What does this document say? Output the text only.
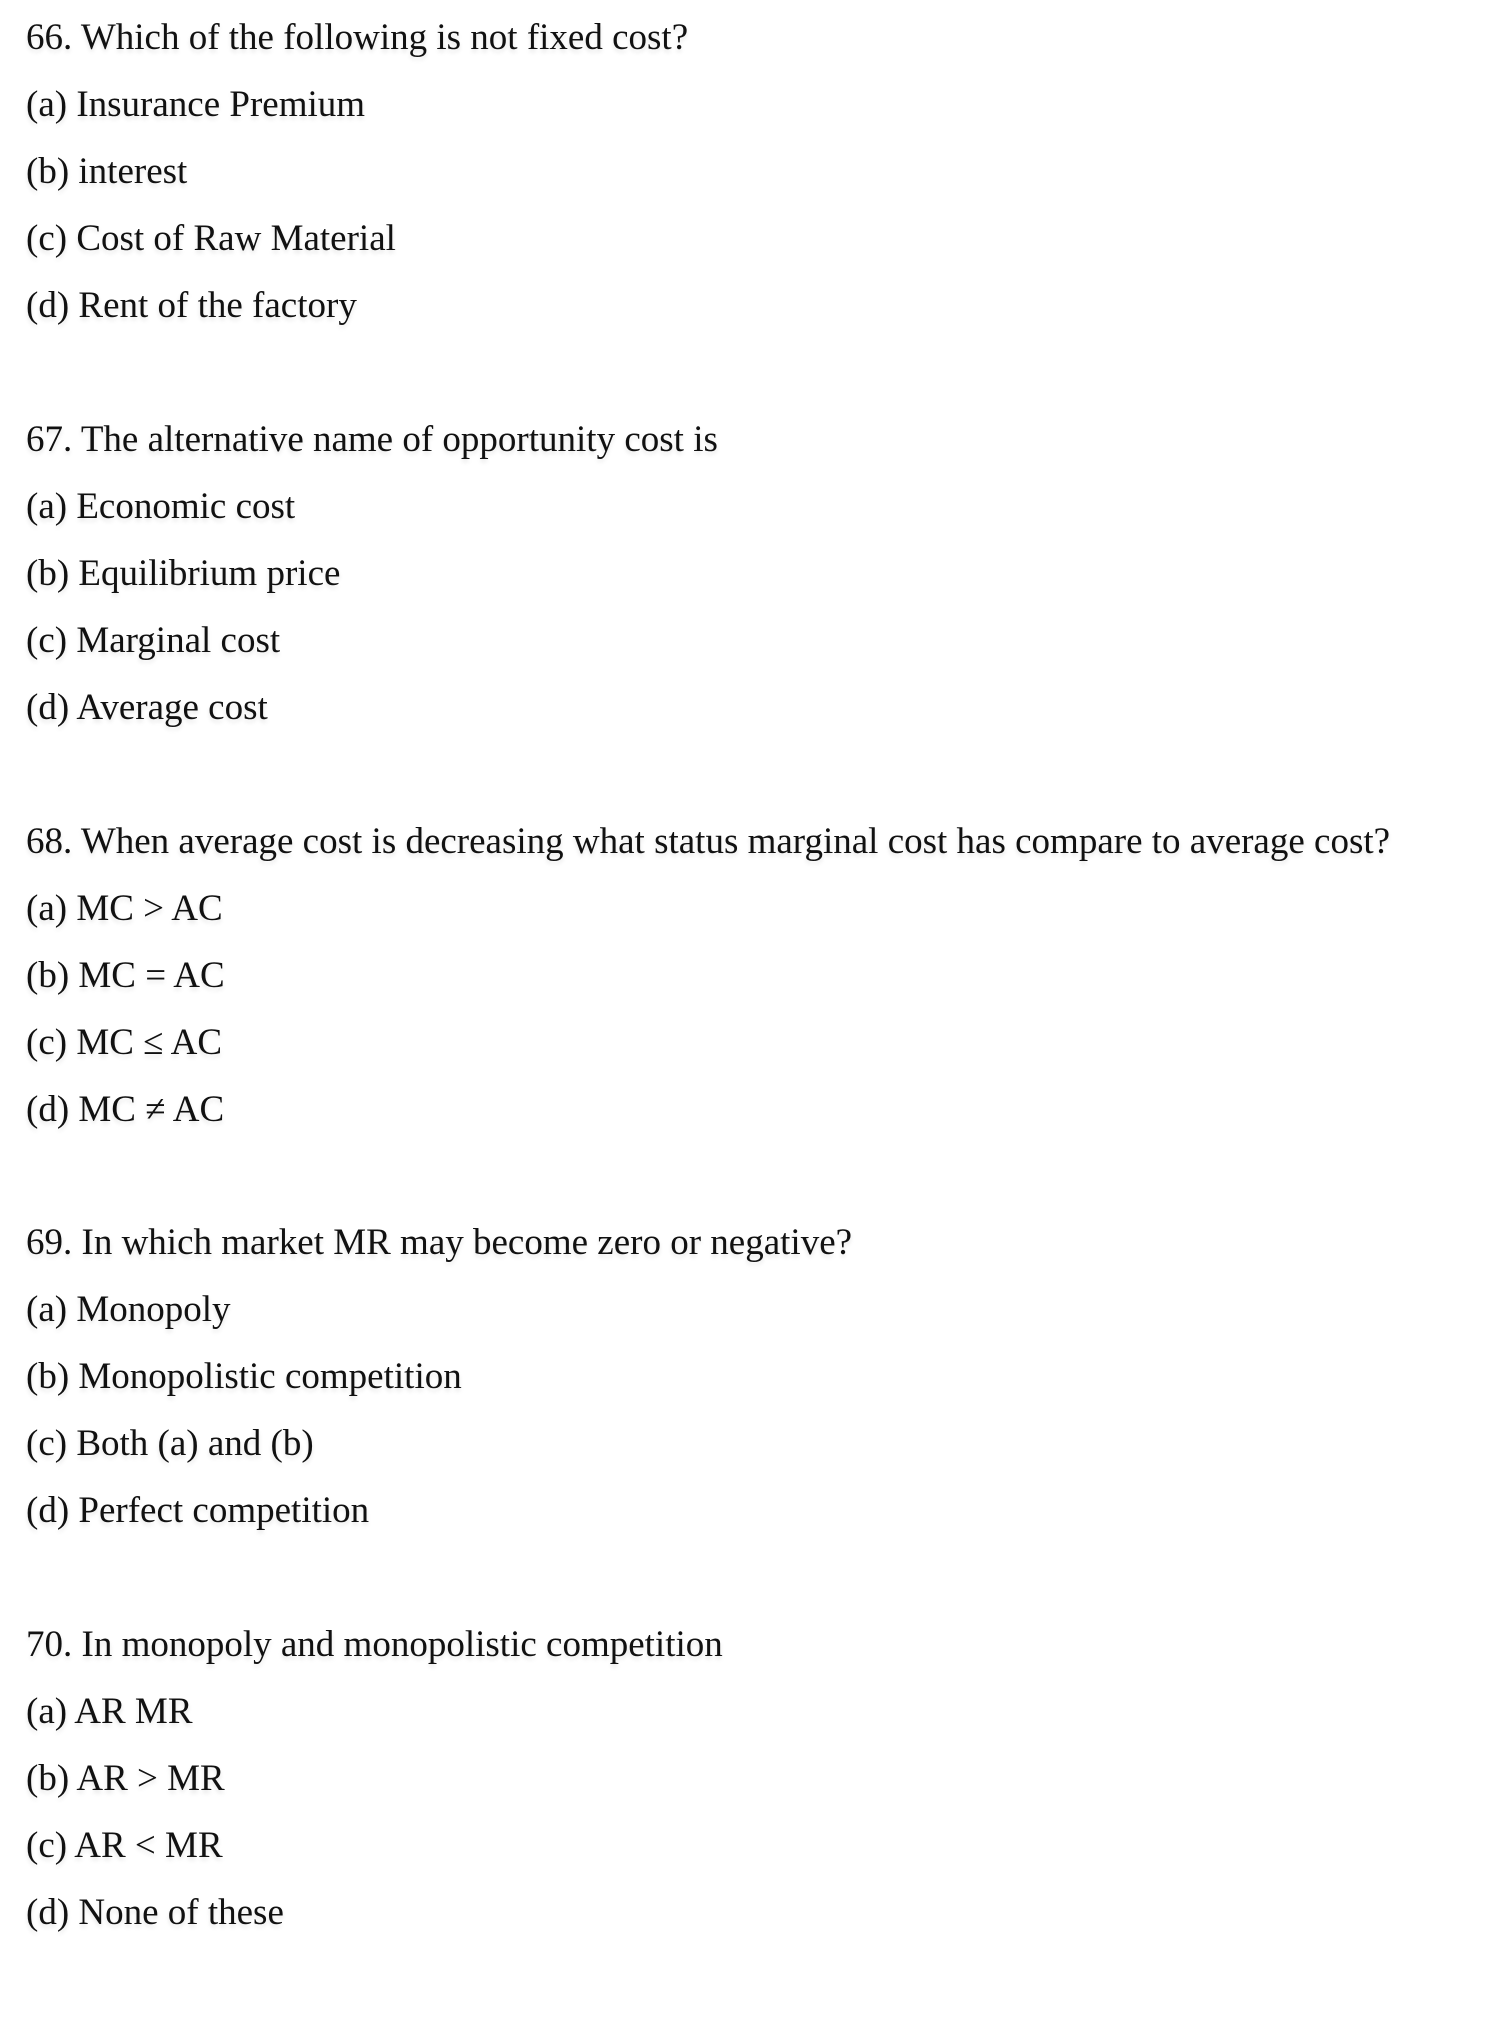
66. Which of the following is not fixed cost?
(a) Insurance Premium
(b) interest
(c) Cost of Raw Material
(d) Rent of the factory
67. The alternative name of opportunity cost is
(a) Economic cost
(b) Equilibrium price
(c) Marginal cost
(d) Average cost
68. When average cost is decreasing what status marginal cost has compare to average cost?
(a) MC > AC
(b) MC = AC
(c) MC ≤ AC
(d) MC ≠ AC
69. In which market MR may become zero or negative?
(a) Monopoly
(b) Monopolistic competition
(c) Both (a) and (b)
(d) Perfect competition
70. In monopoly and monopolistic competition
(a) AR MR
(b) AR > MR
(c) AR < MR
(d) None of these
